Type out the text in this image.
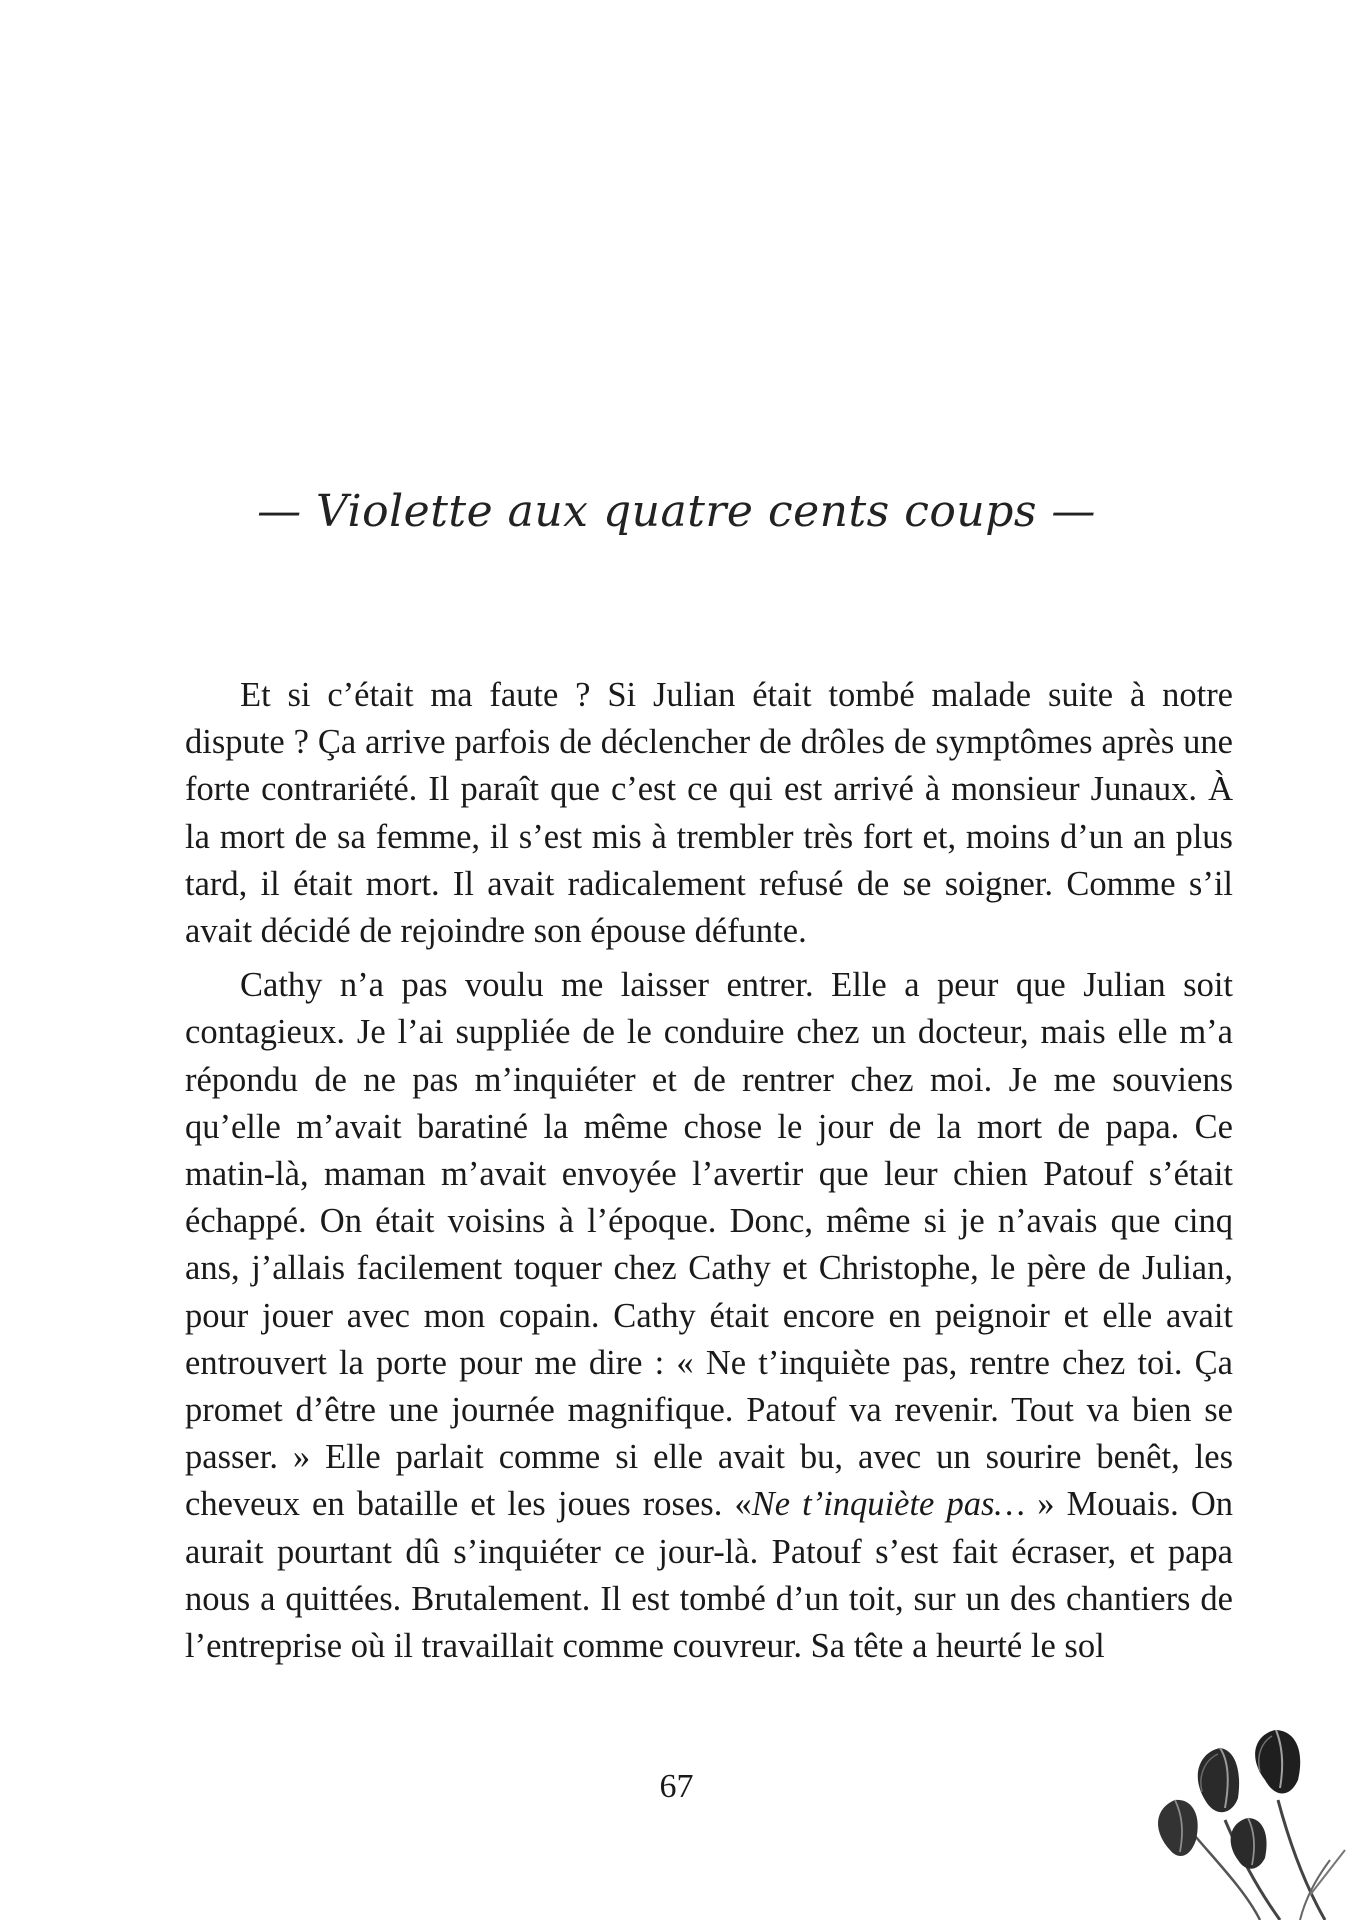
— Violette aux quatre cents coups —

Et si c’était ma faute ? Si Julian était tombé malade suite à notre dispute ? Ça arrive parfois de déclencher de drôles de symptômes après une forte contrariété. Il paraît que c’est ce qui est arrivé à monsieur Junaux. À la mort de sa femme, il s’est mis à trembler très fort et, moins d’un an plus tard, il était mort. Il avait radicalement refusé de se soigner. Comme s’il avait décidé de rejoindre son épouse défunte.

Cathy n’a pas voulu me laisser entrer. Elle a peur que Julian soit contagieux. Je l’ai suppliée de le conduire chez un docteur, mais elle m’a répondu de ne pas m’inquiéter et de rentrer chez moi. Je me souviens qu’elle m’avait baratiné la même chose le jour de la mort de papa. Ce matin-là, maman m’avait envoyée l’avertir que leur chien Patouf s’était échappé. On était voisins à l’époque. Donc, même si je n’avais que cinq ans, j’allais facilement toquer chez Cathy et Christophe, le père de Julian, pour jouer avec mon copain. Cathy était encore en peignoir et elle avait entrouvert la porte pour me dire : « Ne t’inquiète pas, rentre chez toi. Ça promet d’être une journée magnifique. Patouf va revenir. Tout va bien se passer. » Elle parlait comme si elle avait bu, avec un sourire benêt, les cheveux en bataille et les joues roses. «Ne t’inquiète pas… » Mouais. On aurait pourtant dû s’inquiéter ce jour-là. Patouf s’est fait écraser, et papa nous a quittées. Brutalement. Il est tombé d’un toit, sur un des chantiers de l’entreprise où il travaillait comme couvreur. Sa tête a heurté le sol

67
